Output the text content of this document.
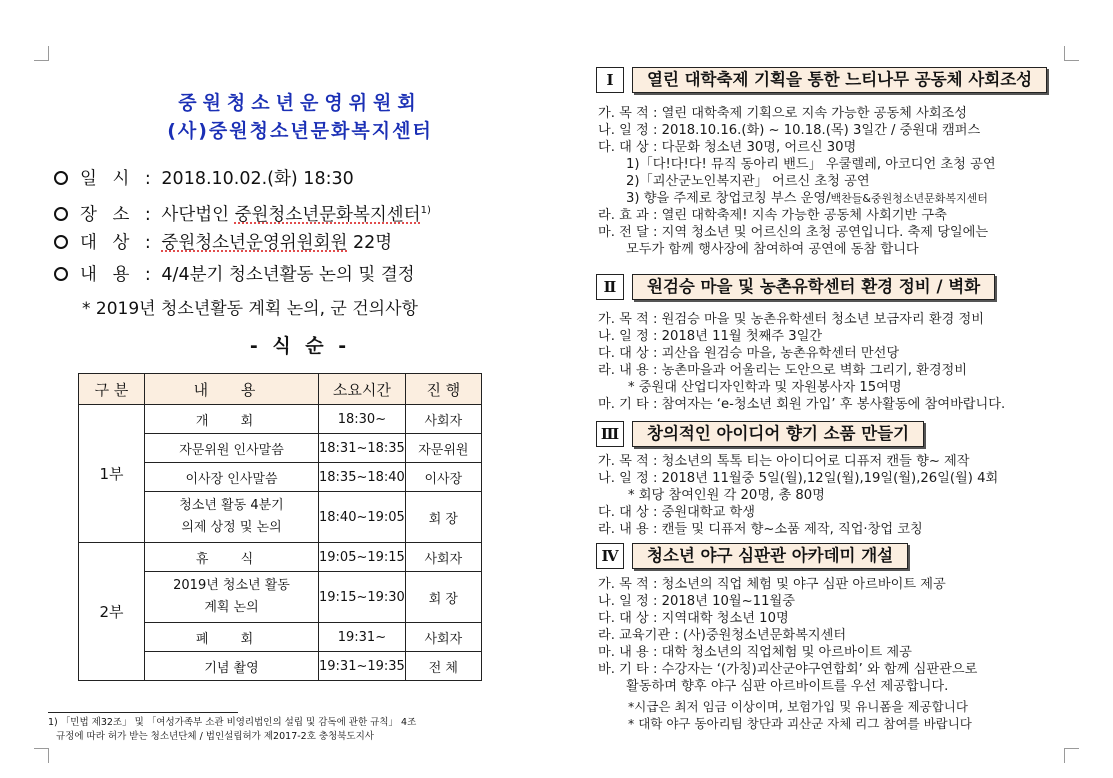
중원청소년운영위원회
(사)중원청소년문화복지센터
일 시 : 2018.10.02.(화) 18:30
장 소 : 사단법인 중원청소년문화복지센터$^{1)}$
대 상 : 중원청소년운영위원회원 22명
내 용 : 4/4분기 청소년활동 논의 및 결정
* 2019년 청소년활동 계획 논의, 군 건의사항
- 식 순 -
구 분	내 용	소요시간	진 행
1부	개 회	18:30~	사회자
	자문위원 인사말씀	18:31~18:35	자문위원
	이사장 인사말씀	18:35~18:40	이사장

	청소년 활동 4분기
의제 상정 및 논의	18:40~19:05	회 장
2부	휴 식	19:05~19:15	사회자

	2019년 청소년 활동
계획 논의	19:15~19:30	회 장
	폐 회	19:31~	사회자
	기념 촬영	19:31~19:35	전 체
1) 「민법 제32조」 및 「여성가족부 소관 비영리법인의 설립 및 감독에 관한 규칙」 4조
규정에 따라 허가 받는 청소년단체 / 법인설립허가 제2017-2호 충청북도지사
Ⅰ	열린 대학축제 기획을 통한 느티나무 공동체 사회조성
가. 목 적 : 열린 대학축제 기획으로 지속 가능한 공동체 사회조성
나. 일 정 : 2018.10.16.(화) ~ 10.18.(목) 3일간 / 중원대 캠퍼스
다. 대 상 : 다문화 청소년 30명, 어르신 30명
1)「다!다!다! 뮤직 동아리 밴드」 우쿨렐레, 아코디언 초청 공연
2)「괴산군노인복지관」 어르신 초청 공연
3) 향을 주제로 창업코칭 부스 운영/백찬들&중원청소년문화복지센터
라. 효 과 : 열린 대학축제! 지속 가능한 공동체 사회기반 구축
마. 전 달 : 지역 청소년 및 어르신의 초청 공연입니다. 축제 당일에는
모두가 함께 행사장에 참여하여 공연에 동참 합니다
Ⅱ	원검승 마을 및 농촌유학센터 환경 정비 / 벽화
가. 목 적 : 원검승 마을 및 농촌유학센터 청소년 보금자리 환경 정비
나. 일 정 : 2018년 11월 첫째주 3일간
다. 대 상 : 괴산읍 원검승 마을, 농촌유학센터 만선당
라. 내 용 : 농촌마을과 어울리는 도안으로 벽화 그리기, 환경정비
* 중원대 산업디자인학과 및 자원봉사자 15여명
마. 기 타 : 참여자는 ‘e-청소년 회원 가입’ 후 봉사활동에 참여바랍니다.
Ⅲ	창의적인 아이디어 향기 소품 만들기
가. 목 적 : 청소년의 톡톡 티는 아이디어로 디퓨저 캔들 향~ 제작
나. 일 정 : 2018년 11월중 5일(월),12일(월),19일(월),26일(월) 4회
* 회당 참여인원 각 20명, 총 80명
다. 대 상 : 중원대학교 학생
라. 내 용 : 캔들 및 디퓨저 향~소품 제작, 직업·창업 코칭
Ⅳ	청소년 야구 심판관 아카데미 개설
가. 목 적 : 청소년의 직업 체험 및 야구 심판 아르바이트 제공
나. 일 정 : 2018년 10월~11월중
다. 대 상 : 지역대학 청소년 10명
라. 교육기관 : (사)중원청소년문화복지센터
마. 내 용 : 대학 청소년의 직업체험 및 아르바이트 제공
바. 기 타 : 수강자는 ‘(가칭)괴산군야구연합회’ 와 함께 심판관으로
활동하며 향후 야구 심판 아르바이트를 우선 제공합니다.
*시급은 최저 임금 이상이며, 보험가입 및 유니폼을 제공합니다
* 대학 야구 동아리팀 창단과 괴산군 자체 리그 참여를 바랍니다
